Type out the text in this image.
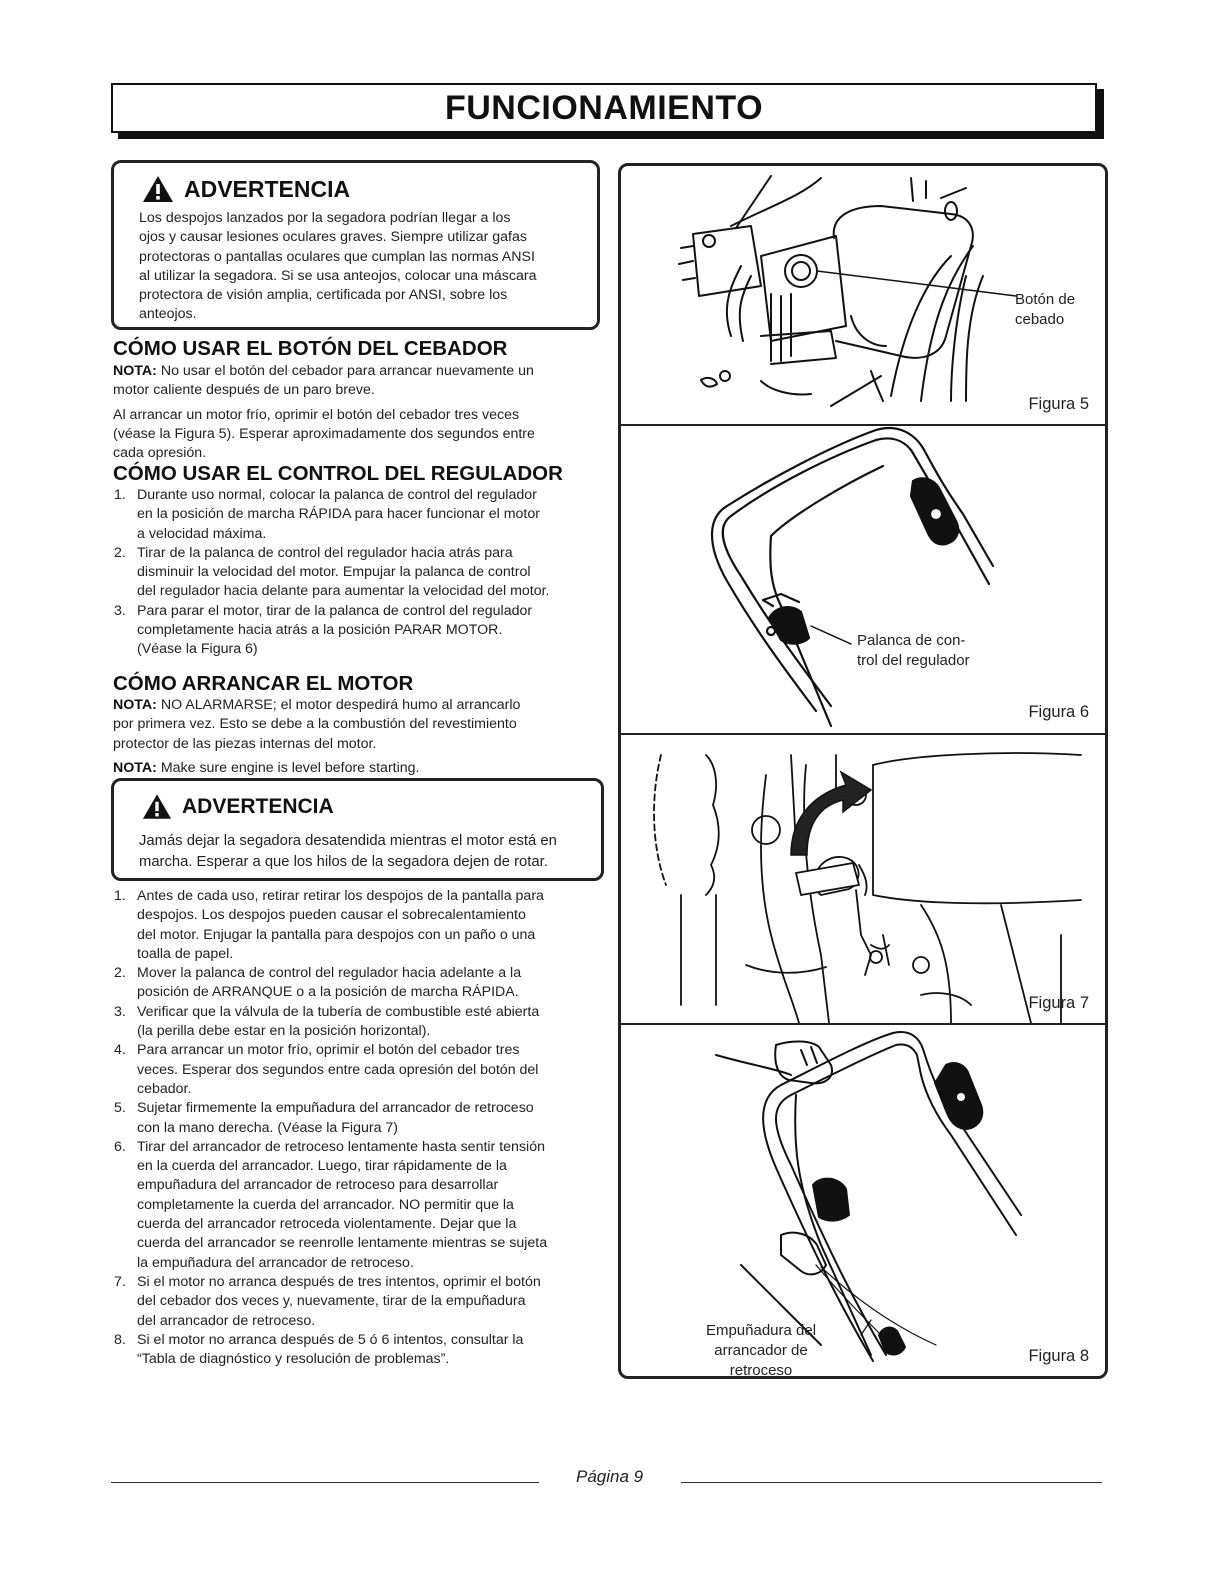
FUNCIONAMIENTO
ADVERTENCIA
Los despojos lanzados por la segadora podrían llegar a los
ojos y causar lesiones oculares graves. Siempre utilizar gafas
protectoras o pantallas oculares que cumplan las normas ANSI
al utilizar la segadora. Si se usa anteojos, colocar una máscara
protectora de visión amplia, certificada por ANSI, sobre los
anteojos.
CÓMO USAR EL BOTÓN DEL CEBADOR
NOTA: No usar el botón del cebador para arrancar nuevamente un
motor caliente después de un paro breve.
Al arrancar un motor frío, oprimir el botón del cebador tres veces
(véase la Figura 5). Esperar aproximadamente dos segundos entre
cada opresión.
CÓMO USAR EL CONTROL DEL REGULADOR
1. Durante uso normal, colocar la palanca de control del regulador
en la posición de marcha RÁPIDA para hacer funcionar el motor
a velocidad máxima.
2. Tirar de la palanca de control del regulador hacia atrás para
disminuir la velocidad del motor. Empujar la palanca de control
del regulador hacia delante para aumentar la velocidad del motor.
3. Para parar el motor, tirar de la palanca de control del regulador
completamente hacia atrás a la posición PARAR MOTOR.
(Véase la Figura 6)
CÓMO ARRANCAR EL MOTOR
NOTA: NO ALARMARSE; el motor despedirá humo al arrancarlo
por primera vez. Esto se debe a la combustión del revestimiento
protector de las piezas internas del motor.
NOTA: Make sure engine is level before starting.
ADVERTENCIA
Jamás dejar la segadora desatendida mientras el motor está en
marcha. Esperar a que los hilos de la segadora dejen de rotar.
1. Antes de cada uso, retirar retirar los despojos de la pantalla para
despojos. Los despojos pueden causar el sobrecalentamiento
del motor. Enjugar la pantalla para despojos con un paño o una
toalla de papel.
2. Mover la palanca de control del regulador hacia adelante a la
posición de ARRANQUE o a la posición de marcha RÁPIDA.
3. Verificar que la válvula de la tubería de combustible esté abierta
(la perilla debe estar en la posición horizontal).
4. Para arrancar un motor frío, oprimir el botón del cebador tres
veces. Esperar dos segundos entre cada opresión del botón del
cebador.
5. Sujetar firmemente la empuñadura del arrancador de retroceso
con la mano derecha. (Véase la Figura 7)
6. Tirar del arrancador de retroceso lentamente hasta sentir tensión
en la cuerda del arrancador. Luego, tirar rápidamente de la
empuñadura del arrancador de retroceso para desarrollar
completamente la cuerda del arrancador. NO permitir que la
cuerda del arrancador retroceda violentamente. Dejar que la
cuerda del arrancador se reenrolle lentamente mientras se sujeta
la empuñadura del arrancador de retroceso.
7. Si el motor no arranca después de tres intentos, oprimir el botón
del cebador dos veces y, nuevamente, tirar de la empuñadura
del arrancador de retroceso.
8. Si el motor no arranca después de 5 ó 6 intentos, consultar la
“Tabla de diagnóstico y resolución de problemas”.
Botón de
cebado
Figura 5
Palanca de con-
trol del regulador
Figura 6
Figura 7
Empuñadura del
arrancador de
retroceso
Figura 8
Página 9
